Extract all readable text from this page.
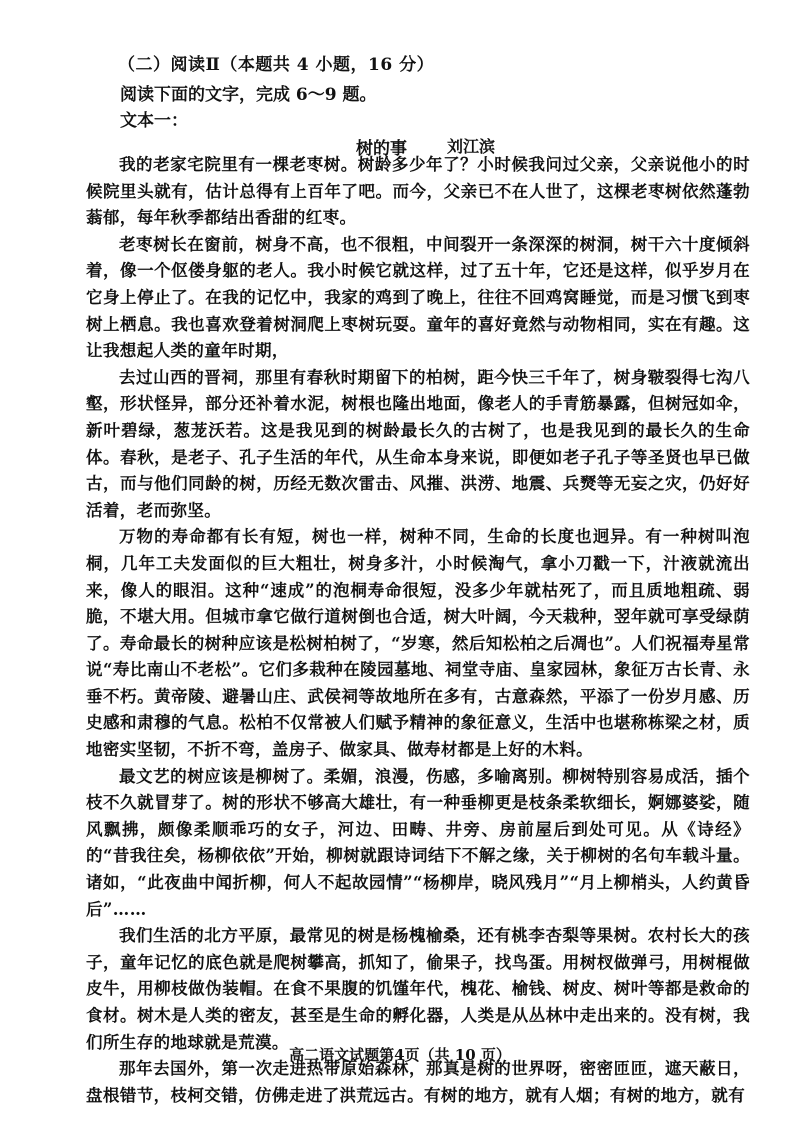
（二）阅读Ⅱ（本题共 4 小题，16 分）
阅读下面的文字，完成 6～9 题。
文本一：
树的事	刘江滨

我的老家宅院里有一棵老枣树。树龄多少年了？小时候我问过父亲，父亲说他小的时候院里头就有，估计总得有上百年了吧。而今，父亲已不在人世了，这棵老枣树依然蓬勃蓊郁，每年秋季都结出香甜的红枣。

老枣树长在窗前，树身不高，也不很粗，中间裂开一条深深的树洞，树干六十度倾斜着，像一个伛偻身躯的老人。我小时候它就这样，过了五十年，它还是这样，似乎岁月在它身上停止了。在我的记忆中，我家的鸡到了晚上，往往不回鸡窝睡觉，而是习惯飞到枣树上栖息。我也喜欢登着树洞爬上枣树玩耍。童年的喜好竟然与动物相同，实在有趣。这让我想起人类的童年时期，

去过山西的晋祠，那里有春秋时期留下的柏树，距今快三千年了，树身皲裂得七沟八壑，形状怪异，部分还补着水泥，树根也隆出地面，像老人的手青筋暴露，但树冠如伞，新叶碧绿，葱茏沃若。这是我见到的树龄最长久的古树了，也是我见到的最长久的生命体。春秋，是老子、孔子生活的年代，从生命本身来说，即便如老子孔子等圣贤也早已做古，而与他们同龄的树，历经无数次雷击、风摧、洪涝、地震、兵燹等无妄之灾，仍好好活着，老而弥坚。

万物的寿命都有长有短，树也一样，树种不同，生命的长度也迥异。有一种树叫泡桐，几年工夫发面似的巨大粗壮，树身多汁，小时候淘气，拿小刀戳一下，汁液就流出来，像人的眼泪。这种“速成”的泡桐寿命很短，没多少年就枯死了，而且质地粗疏、弱脆，不堪大用。但城市拿它做行道树倒也合适，树大叶阔，今天栽种，翌年就可享受绿荫了。寿命最长的树种应该是松树柏树了，“岁寒，然后知松柏之后凋也”。人们祝福寿星常说“寿比南山不老松”。它们多栽种在陵园墓地、祠堂寺庙、皇家园林，象征万古长青、永垂不朽。黄帝陵、避暑山庄、武侯祠等故地所在多有，古意森然，平添了一份岁月感、历史感和肃穆的气息。松柏不仅常被人们赋予精神的象征意义，生活中也堪称栋梁之材，质地密实坚韧，不折不弯，盖房子、做家具、做寿材都是上好的木料。

最文艺的树应该是柳树了。柔媚，浪漫，伤感，多喻离别。柳树特别容易成活，插个枝不久就冒芽了。树的形状不够高大雄壮，有一种垂柳更是枝条柔软细长，婀娜婆娑，随风飘拂，颇像柔顺乖巧的女子，河边、田畴、井旁、房前屋后到处可见。从《诗经》的“昔我往矣，杨柳依依”开始，柳树就跟诗词结下不解之缘，关于柳树的名句车载斗量。诸如，“此夜曲中闻折柳，何人不起故园情”“杨柳岸，晓风残月”“月上柳梢头，人约黄昏后”……

我们生活的北方平原，最常见的树是杨槐榆桑，还有桃李杏梨等果树。农村长大的孩子，童年记忆的底色就是爬树攀高，抓知了，偷果子，找鸟蛋。用树杈做弹弓，用树棍做皮牛，用柳枝做伪装帽。在食不果腹的饥馑年代，槐花、榆钱、树皮、树叶等都是救命的食材。树木是人类的密友，甚至是生命的孵化器，人类是从丛林中走出来的。没有树，我们所生存的地球就是荒漠。

那年去国外，第一次走进热带原始森林，那真是树的世界呀，密密匝匝，遮天蔽日，盘根错节，枝柯交错，仿佛走进了洪荒远古。有树的地方，就有人烟；有树的地方，就有

高二语文试题第4页（共 10 页）
